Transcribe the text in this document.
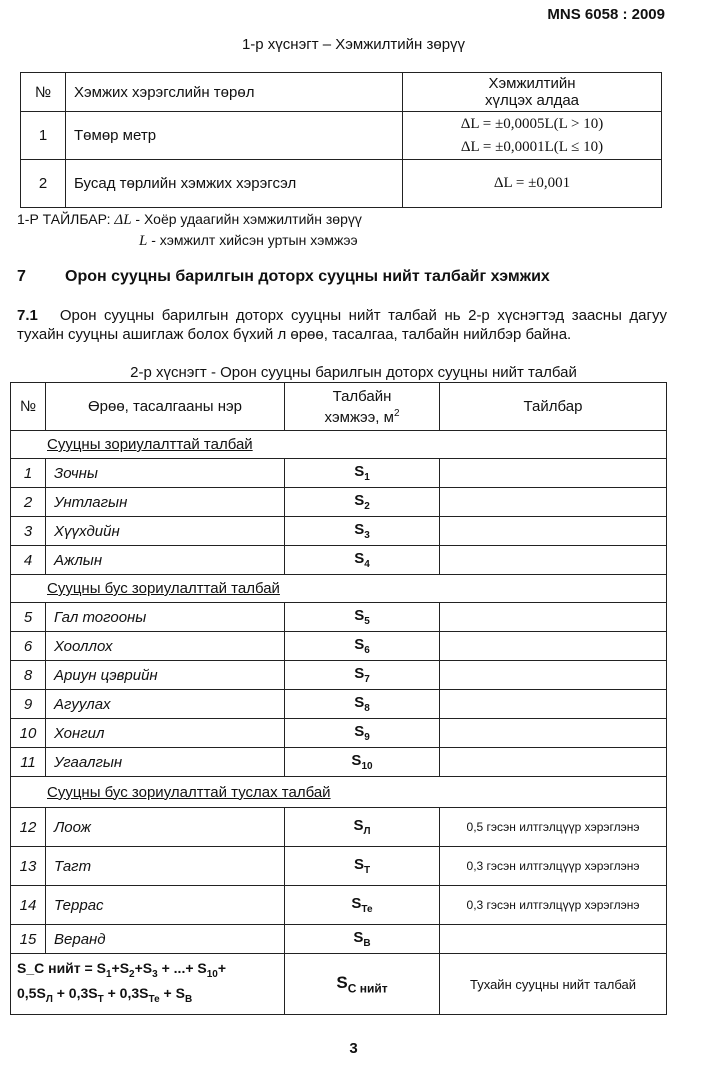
MNS 6058 : 2009
1-р хүснэгт – Хэмжилтийн зөрүү
№	Хэмжих хэрэгслийн төрөл	Хэмжилтийн
хүлцэх алдаа

1	Төмөр метр	ΔL = ±0,0005L(L > 10)
ΔL = ±0,0001L(L ≤ 10)

2	Бусад төрлийн хэмжих хэрэгсэл	ΔL = ±0,001
1-Р ТАЙЛБАР: ΔL - Хоёр удаагийн хэмжилтийн зөрүү
L - хэмжилт хийсэн уртын хэмжээ
7 Орон сууцны барилгын доторх сууцны нийт талбайг хэмжих
7.1 Орон сууцны барилгын доторх сууцны нийт талбай нь 2-р хүснэгтэд заасны дагуу тухайн сууцны ашиглаж болох бүхий л өрөө, тасалгаа, талбайн нийлбэр байна.
2-р хүснэгт - Орон сууцны барилгын доторх сууцны нийт талбай
№	Өрөө, тасалгааны нэр	Талбайн
хэмжээ, $м^2$	Тайлбар
Сууцны зориулалттай талбай			
1	Зочны	$S_1$	
2	Унтлагын	$S_2$	
3	Хүүхдийн	$S_3$	
4	Ажлын	$S_4$	
Сууцны бус зориулалттай талбай			
5	Гал тогооны	$S_5$	
6	Хооллох	$S_6$	
8	Ариун цэврийн	$S_7$	
9	Агуулах	$S_8$	
10	Хонгил	$S_9$	
11	Угаалгын	$S_{10}$	
Сууцны бус зориулалттай туслах талбай			
12	Лоож	$S_Л$	0,5 гэсэн илтгэлцүүр хэрэглэнэ
13	Тагт	$S_Т$	0,3 гэсэн илтгэлцүүр хэрэглэнэ
14	Террас	$S_{Те}$	0,3 гэсэн илтгэлцүүр хэрэглэнэ
15	Веранд	$S_В$	

S_C нийт = $S_1+S_2+S_3$ + ...+ $S_{10}+$
$0,5S_Л + 0,3S_Т + 0,3S_{Те} + S_В$		$S_{С нийт}$	Тухайн сууцны нийт талбай
3
